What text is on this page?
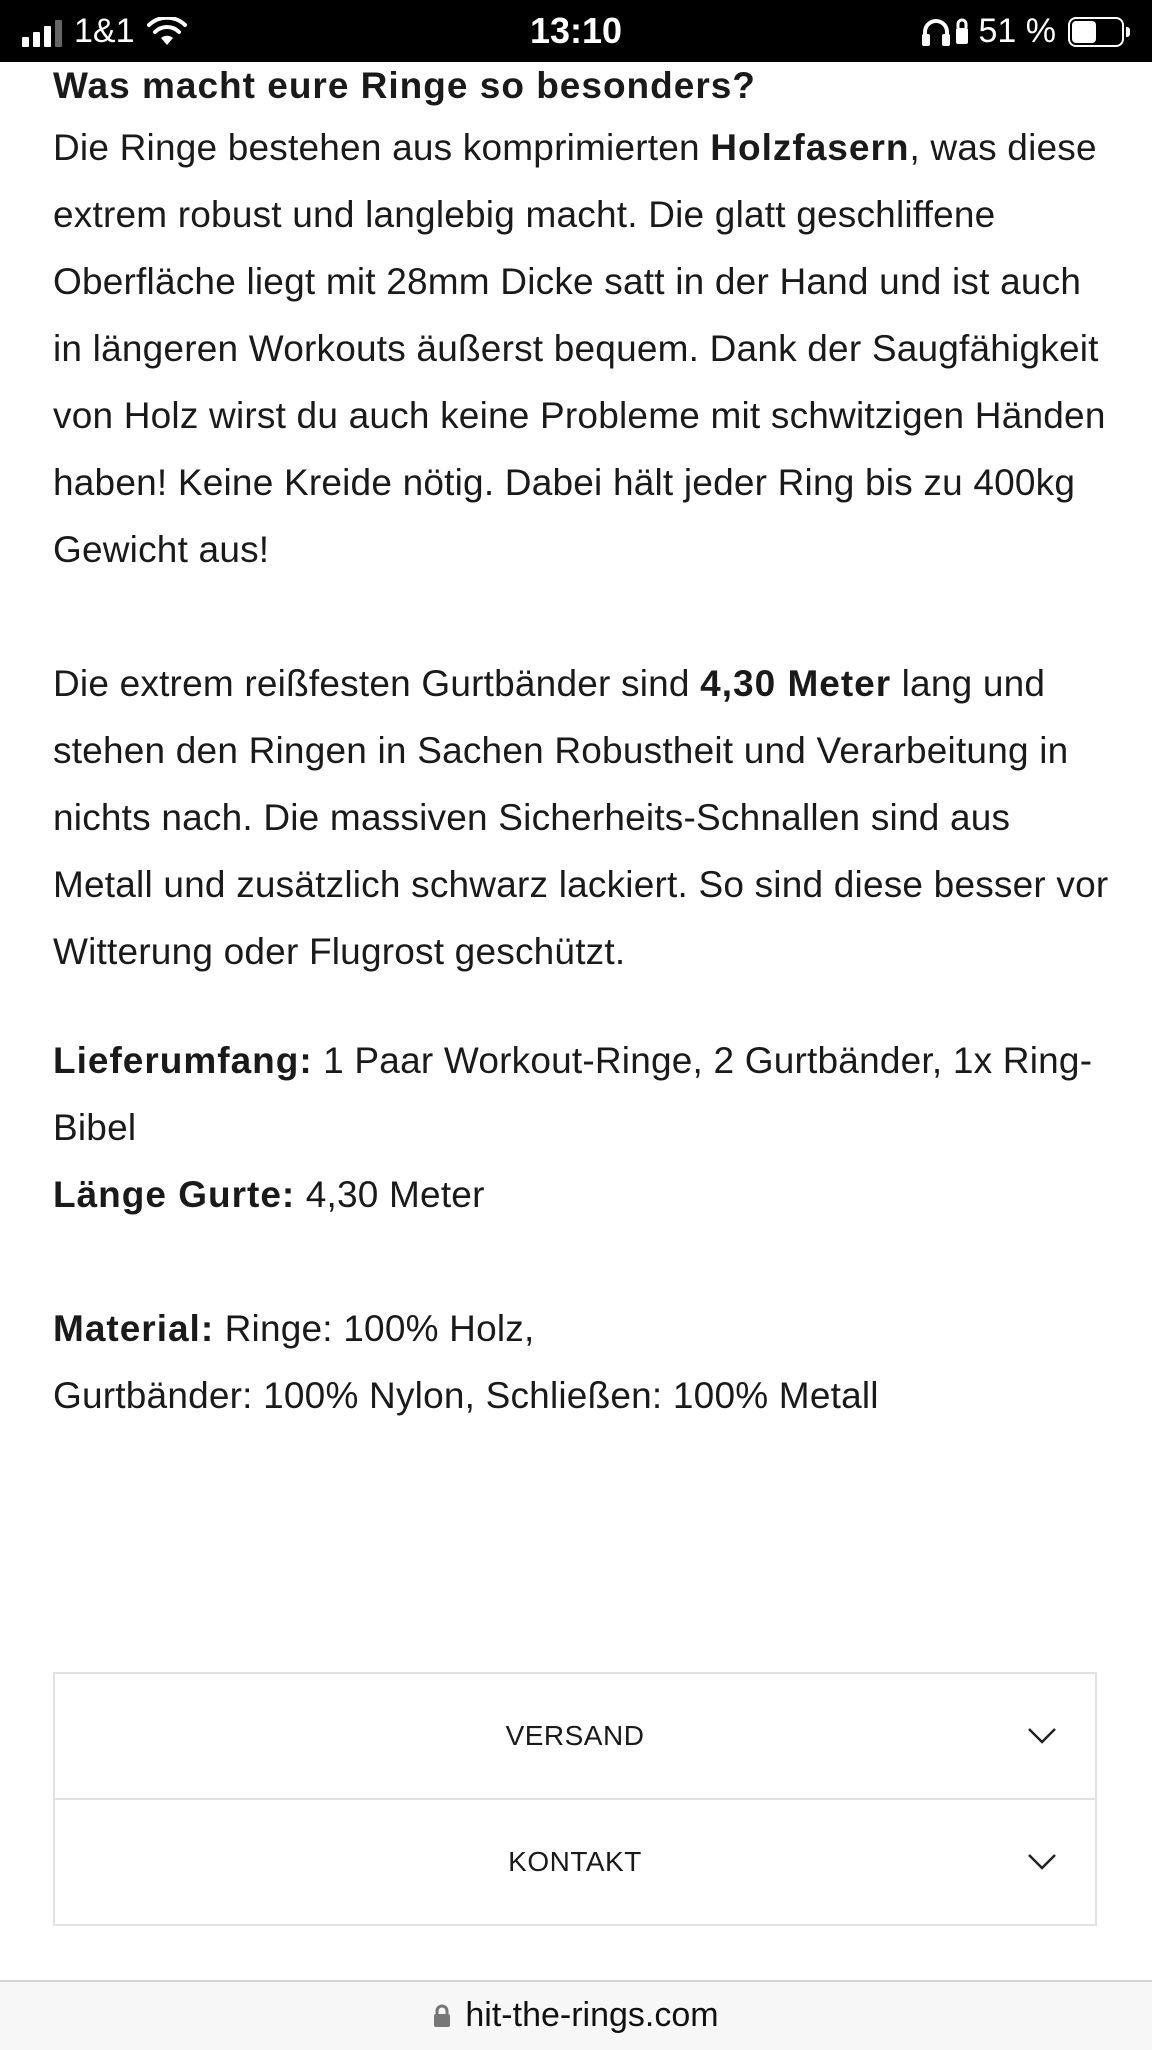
1&1	13:10	51 %
Was macht eure Ringe so besonders?

Die Ringe bestehen aus komprimierten Holzfasern, was diese extrem robust und langlebig macht. Die glatt geschliffene Oberfläche liegt mit 28mm Dicke satt in der Hand und ist auch in längeren Workouts äußerst bequem. Dank der Saugfähigkeit von Holz wirst du auch keine Probleme mit schwitzigen Händen haben! Keine Kreide nötig. Dabei hält jeder Ring bis zu 400kg Gewicht aus!

Die extrem reißfesten Gurtbänder sind 4,30 Meter lang und stehen den Ringen in Sachen Robustheit und Verarbeitung in nichts nach. Die massiven Sicherheits-Schnallen sind aus Metall und zusätzlich schwarz lackiert. So sind diese besser vor Witterung oder Flugrost geschützt.

Lieferumfang: 1 Paar Workout-Ringe, 2 Gurtbänder, 1x Ring-Bibel
Länge Gurte: 4,30 Meter

Material: Ringe: 100% Holz,
Gurtbänder: 100% Nylon, Schließen: 100% Metall

VERSAND
KONTAKT
hit-the-rings.com
